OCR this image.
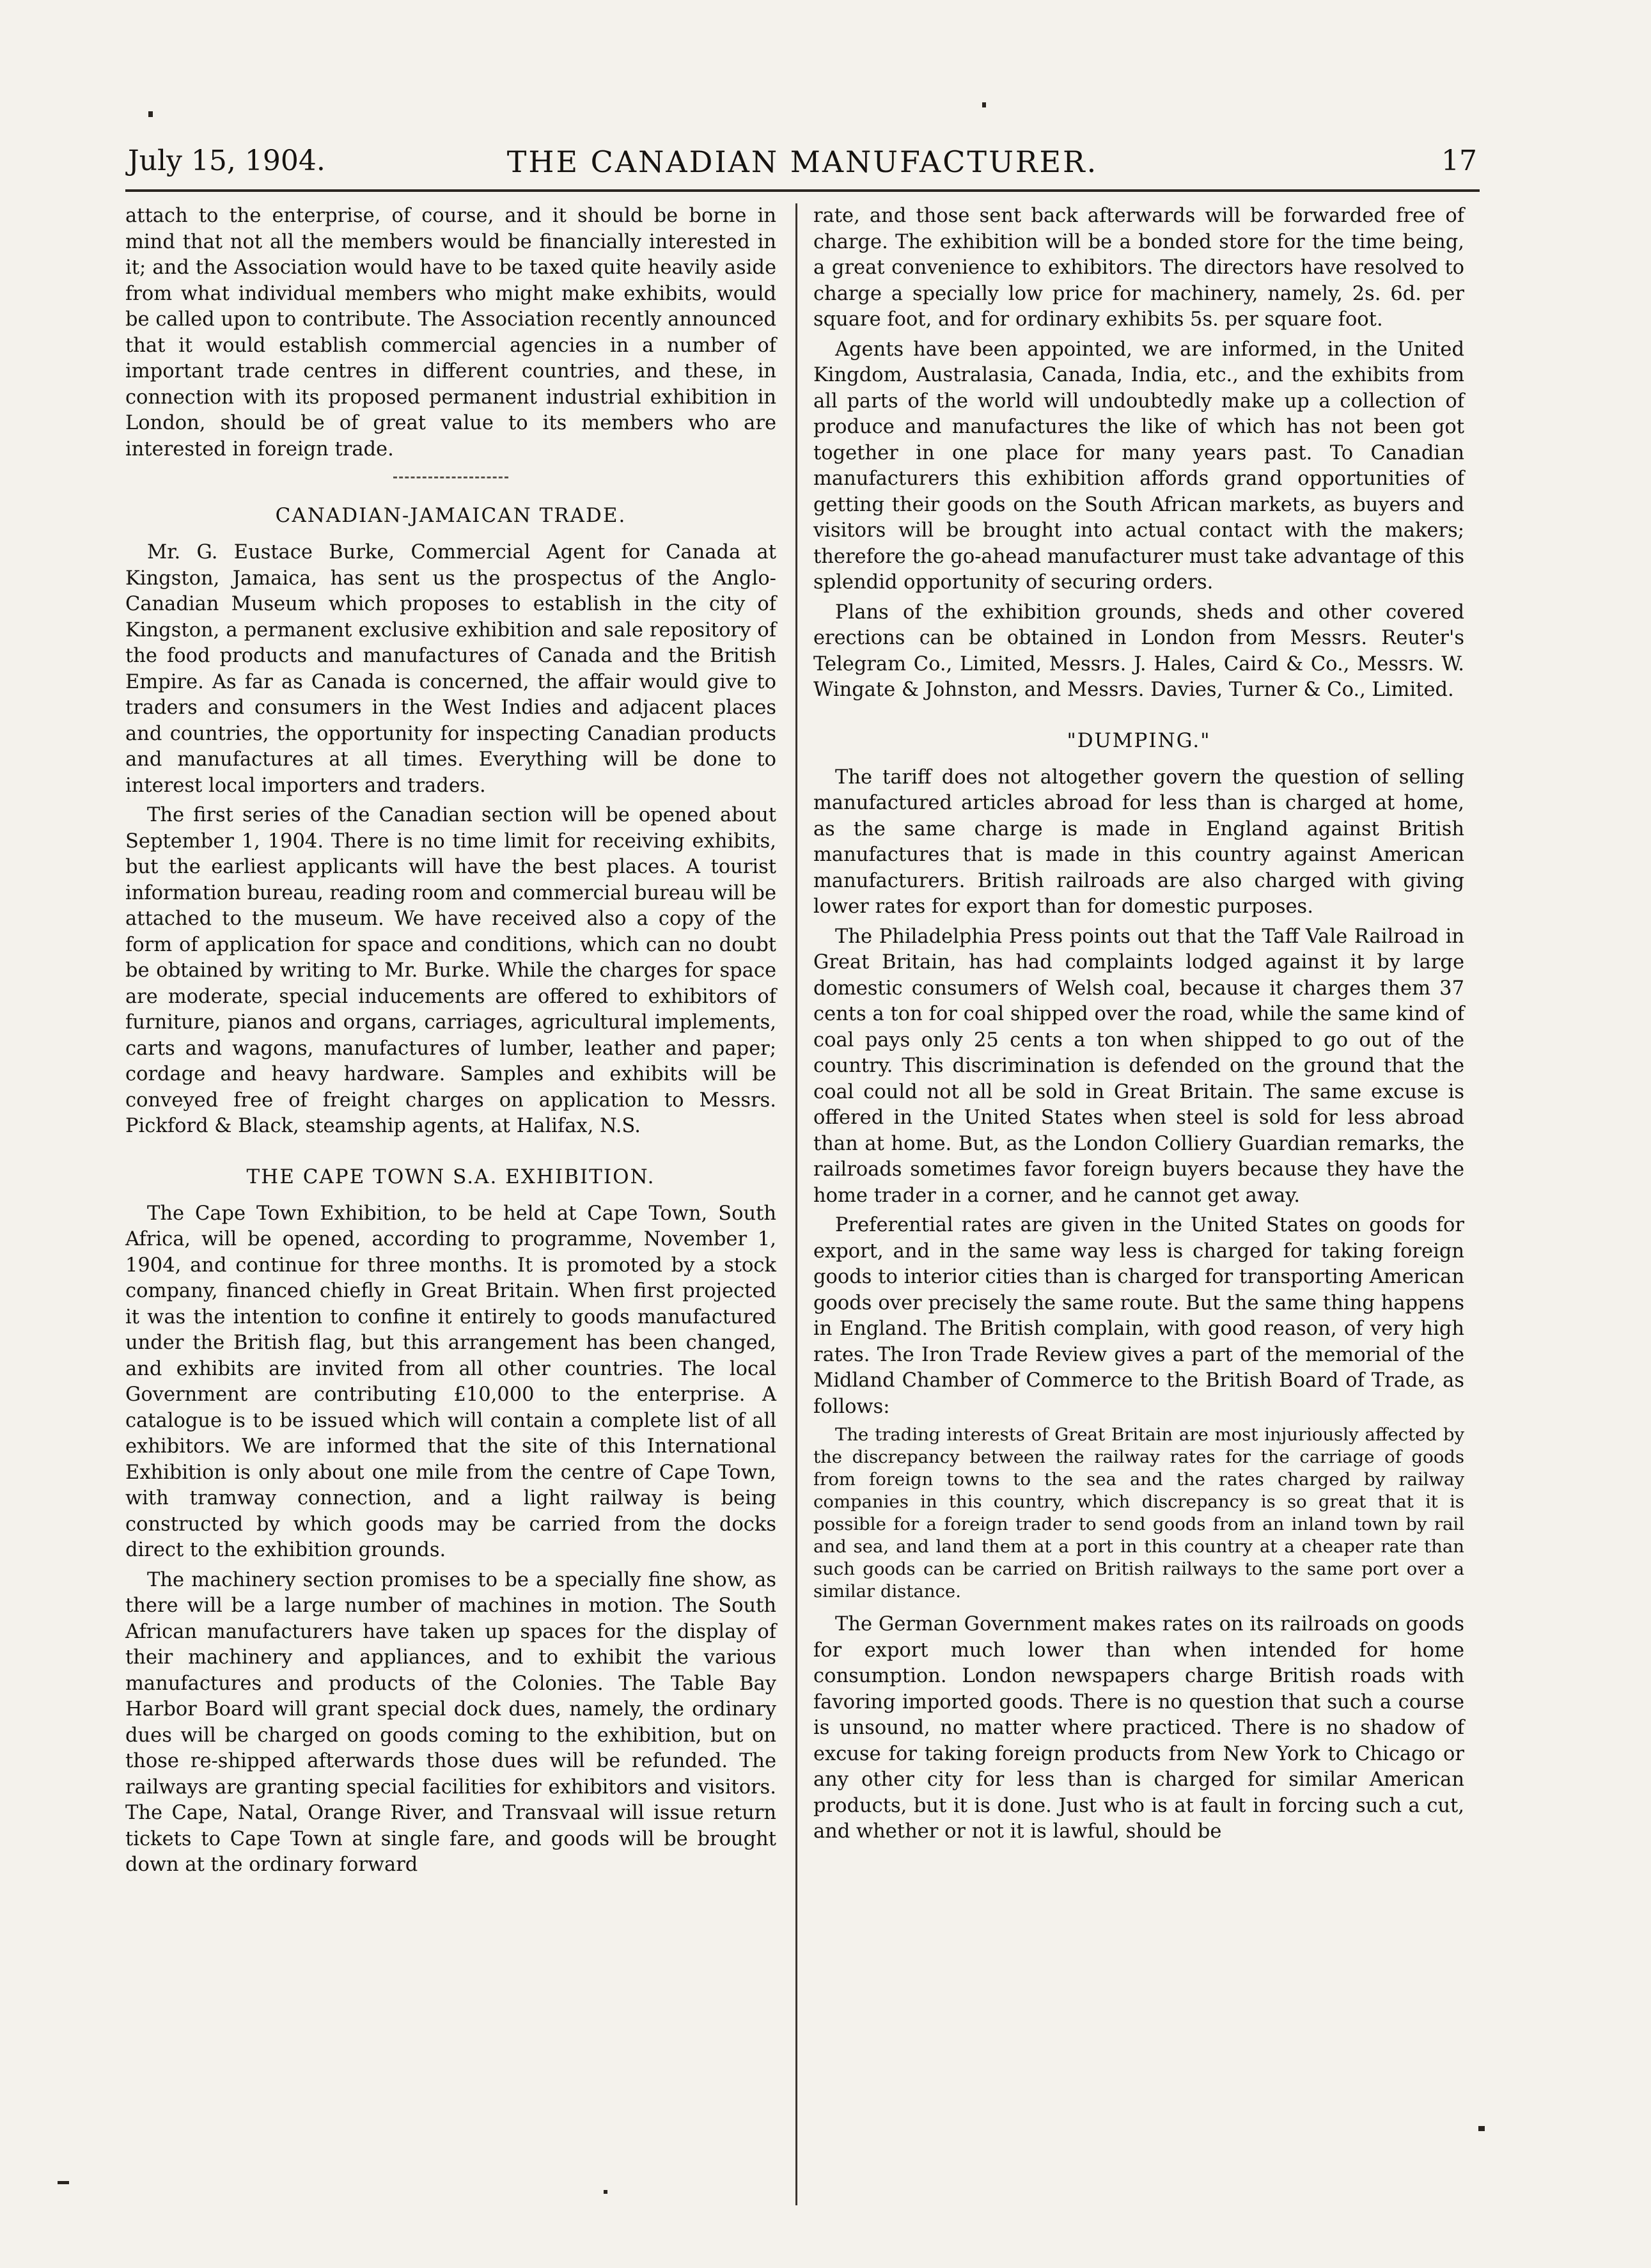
July 15, 1904.	THE CANADIAN MANUFACTURER.	17

attach to the enterprise, of course, and it should be borne in mind that not all the members would be financially interested in it; and the Association would have to be taxed quite heavily aside from what individual members who might make exhibits, would be called upon to contribute. The Association recently announced that it would establish commercial agencies in a number of important trade centres in different countries, and these, in connection with its proposed permanent industrial exhibition in London, should be of great value to its members who are interested in foreign trade.

CANADIAN-JAMAICAN TRADE.

Mr. G. Eustace Burke, Commercial Agent for Canada at Kingston, Jamaica, has sent us the prospectus of the Anglo-Canadian Museum which proposes to establish in the city of Kingston, a permanent exclusive exhibition and sale repository of the food products and manufactures of Canada and the British Empire. As far as Canada is concerned, the affair would give to traders and consumers in the West Indies and adjacent places and countries, the opportunity for inspecting Canadian products and manufactures at all times. Everything will be done to interest local importers and traders.

The first series of the Canadian section will be opened about September 1, 1904. There is no time limit for receiving exhibits, but the earliest applicants will have the best places. A tourist information bureau, reading room and commercial bureau will be attached to the museum. We have received also a copy of the form of application for space and conditions, which can no doubt be obtained by writing to Mr. Burke. While the charges for space are moderate, special inducements are offered to exhibitors of furniture, pianos and organs, carriages, agricultural implements, carts and wagons, manufactures of lumber, leather and paper; cordage and heavy hardware. Samples and exhibits will be conveyed free of freight charges on application to Messrs. Pickford & Black, steamship agents, at Halifax, N.S.

THE CAPE TOWN S.A. EXHIBITION.

The Cape Town Exhibition, to be held at Cape Town, South Africa, will be opened, according to programme, November 1, 1904, and continue for three months. It is promoted by a stock company, financed chiefly in Great Britain. When first projected it was the intention to confine it entirely to goods manufactured under the British flag, but this arrangement has been changed, and exhibits are invited from all other countries. The local Government are contributing £10,000 to the enterprise. A catalogue is to be issued which will contain a complete list of all exhibitors. We are informed that the site of this International Exhibition is only about one mile from the centre of Cape Town, with tramway connection, and a light railway is being constructed by which goods may be carried from the docks direct to the exhibition grounds.

The machinery section promises to be a specially fine show, as there will be a large number of machines in motion. The South African manufacturers have taken up spaces for the display of their machinery and appliances, and to exhibit the various manufactures and products of the Colonies. The Table Bay Harbor Board will grant special dock dues, namely, the ordinary dues will be charged on goods coming to the exhibition, but on those re-shipped afterwards those dues will be refunded. The railways are granting special facilities for exhibitors and visitors. The Cape, Natal, Orange River, and Transvaal will issue return tickets to Cape Town at single fare, and goods will be brought down at the ordinary forward

rate, and those sent back afterwards will be forwarded free of charge. The exhibition will be a bonded store for the time being, a great convenience to exhibitors. The directors have resolved to charge a specially low price for machinery, namely, 2s. 6d. per square foot, and for ordinary exhibits 5s. per square foot.

Agents have been appointed, we are informed, in the United Kingdom, Australasia, Canada, India, etc., and the exhibits from all parts of the world will undoubtedly make up a collection of produce and manufactures the like of which has not been got together in one place for many years past. To Canadian manufacturers this exhibition affords grand opportunities of getting their goods on the South African markets, as buyers and visitors will be brought into actual contact with the makers; therefore the go-ahead manufacturer must take advantage of this splendid opportunity of securing orders.

Plans of the exhibition grounds, sheds and other covered erections can be obtained in London from Messrs. Reuter's Telegram Co., Limited, Messrs. J. Hales, Caird & Co., Messrs. W. Wingate & Johnston, and Messrs. Davies, Turner & Co., Limited.

"DUMPING."

The tariff does not altogether govern the question of selling manufactured articles abroad for less than is charged at home, as the same charge is made in England against British manufactures that is made in this country against American manufacturers. British railroads are also charged with giving lower rates for export than for domestic purposes.

The Philadelphia Press points out that the Taff Vale Railroad in Great Britain, has had complaints lodged against it by large domestic consumers of Welsh coal, because it charges them 37 cents a ton for coal shipped over the road, while the same kind of coal pays only 25 cents a ton when shipped to go out of the country. This discrimination is defended on the ground that the coal could not all be sold in Great Britain. The same excuse is offered in the United States when steel is sold for less abroad than at home. But, as the London Colliery Guardian remarks, the railroads sometimes favor foreign buyers because they have the home trader in a corner, and he cannot get away.

Preferential rates are given in the United States on goods for export, and in the same way less is charged for taking foreign goods to interior cities than is charged for transporting American goods over precisely the same route. But the same thing happens in England. The British complain, with good reason, of very high rates. The Iron Trade Review gives a part of the memorial of the Midland Chamber of Commerce to the British Board of Trade, as follows:

The trading interests of Great Britain are most injuriously affected by the discrepancy between the railway rates for the carriage of goods from foreign towns to the sea and the rates charged by railway companies in this country, which discrepancy is so great that it is possible for a foreign trader to send goods from an inland town by rail and sea, and land them at a port in this country at a cheaper rate than such goods can be carried on British railways to the same port over a similar distance.

The German Government makes rates on its railroads on goods for export much lower than when intended for home consumption. London newspapers charge British roads with favoring imported goods. There is no question that such a course is unsound, no matter where practiced. There is no shadow of excuse for taking foreign products from New York to Chicago or any other city for less than is charged for similar American products, but it is done. Just who is at fault in forcing such a cut, and whether or not it is lawful, should be
